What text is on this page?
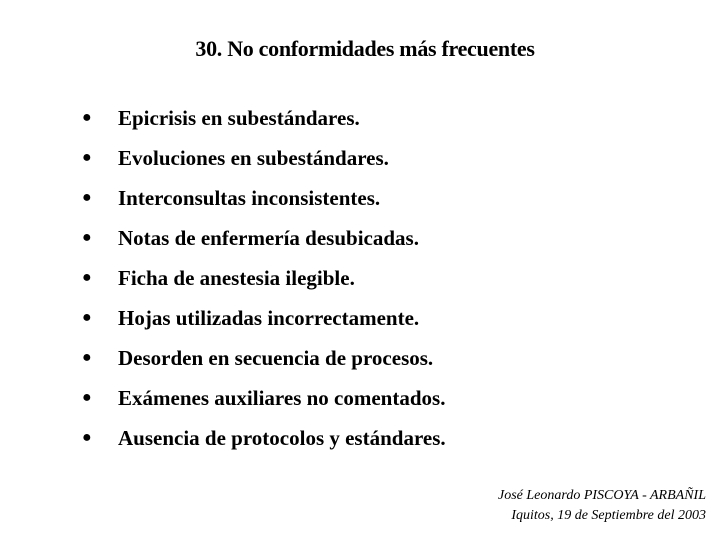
30. No conformidades más frecuentes
●	Epicrisis en subestándares.
●	Evoluciones en subestándares.
●	Interconsultas inconsistentes.
●	Notas de enfermería desubicadas.
●	Ficha de anestesia ilegible.
●	Hojas utilizadas incorrectamente.
●	Desorden en secuencia de procesos.
●	Exámenes auxiliares no comentados.
●	Ausencia de protocolos y estándares.
José Leonardo PISCOYA - ARBAÑIL
Iquitos, 19 de Septiembre del 2003
